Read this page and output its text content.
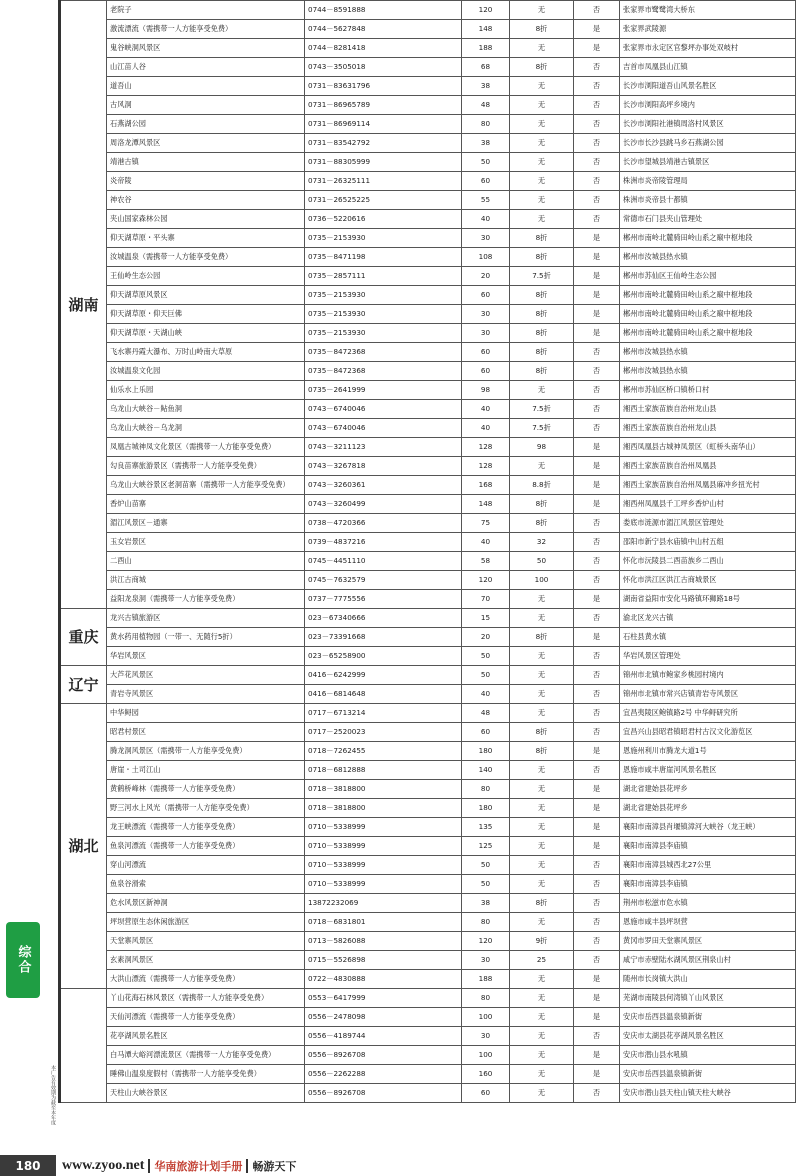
综合
本广告有效期为截至本年度
湖南	老院子	0744－8591888	120	无	否	张家界市鹭鹭湾大桥东
	激流漂流（需携带一人方能享受免费）	0744－5627848	148	8折	是	张家界武陵源
	鬼谷峡洞风景区	0744－8281418	188	无	是	张家界市永定区官黎坪办事处双岐村
	山江苗人谷	0743－3505018	68	8折	否	吉首市凤凰县山江镇
	道吾山	0731－83631796	38	无	否	长沙市浏阳道吾山风景名胜区
	古风洞	0731－86965789	48	无	否	长沙市浏阳高坪乡境内
	石燕湖公园	0731－86969114	80	无	否	长沙市浏阳社港镇周洛村风景区
	周洛龙潭风景区	0731－83542792	38	无	否	长沙市长沙县跳马乡石燕湖公园
	靖港古镇	0731－88305999	50	无	否	长沙市望城县靖港古镇景区
	炎帝陵	0731－26325111	60	无	否	株洲市炎帝陵管理局
	神农谷	0731－26525225	55	无	否	株洲市炎帝县十都镇
	夹山国家森林公园	0736－5220616	40	无	否	常德市石门县夹山管理处
	仰天湖草原・平头寨	0735－2153930	30	8折	是	郴州市南岭北麓骑田岭山系之巅中枢地段
	汝城温泉（需携带一人方能享受免费）	0735－8471198	108	8折	是	郴州市汝城县热水镇
	王仙岭生态公园	0735－2857111	20	7.5折	是	郴州市苏仙区王仙岭生态公园
	仰天湖草原风景区	0735－2153930	60	8折	是	郴州市南岭北麓骑田岭山系之巅中枢地段
	仰天湖草原・仰天巨佛	0735－2153930	30	8折	是	郴州市南岭北麓骑田岭山系之巅中枢地段
	仰天湖草原・天湖山峡	0735－2153930	30	8折	是	郴州市南岭北麓骑田岭山系之巅中枢地段
	飞水寨丹霞大瀑布、万时山岭南大草原	0735－8472368	60	8折	否	郴州市汝城县热水镇
	汝城温泉文化园	0735－8472368	60	8折	否	郴州市汝城县热水镇
	仙乐水上乐园	0735－2641999	98	无	否	郴州市苏仙区桥口镇桥口村
	乌龙山大峡谷－鲇鱼洞	0743－6740046	40	7.5折	否	湘西土家族苗族自治州龙山县
	乌龙山大峡谷－乌龙洞	0743－6740046	40	7.5折	否	湘西土家族苗族自治州龙山县
	凤凰古城神凤文化景区（需携带一人方能享受免费）	0743－3211123	128	98	是	湘西凤凰县古城神凤景区（虹桥头南华山）
	勾良苗寨旅游景区（需携带一人方能享受免费）	0743－3267818	128	无	是	湘西土家族苗族自治州凤凰县
	乌龙山大峡谷景区老洞苗寨（需携带一人方能享受免费）	0743－3260361	168	8.8折	是	湘西土家族苗族自治州凤凰县麻冲乡扭光村
	香炉山苗寨	0743－3260499	148	8折	是	湘西州凤凰县千工坪乡香炉山村
	湄江风景区－通寨	0738－4720366	75	8折	否	娄底市涟源市湄江风景区管理处
	玉女岩景区	0739－4837216	40	32	否	邵阳市新宁县水庙镇中山村五组
	二酉山	0745－4451110	58	50	否	怀化市沅陵县二酉苗族乡二酉山
	洪江古商城	0745－7632579	120	100	否	怀化市洪江区洪江古商城景区
	益阳龙泉洞（需携带一人方能享受免费）	0737－7775556	70	无	是	湖南省益阳市安化马路镇环狮路18号
重庆	龙兴古镇旅游区	023－67340666	15	无	否	渝北区龙兴古镇
	黄水药用植物园（一带一、无随行5折）	023－73391668	20	8折	是	石柱县黄水镇
	华岩风景区	023－65258900	50	无	否	华岩风景区管理处
辽宁	大芦花风景区	0416－6242999	50	无	否	锦州市北镇市鲍家乡桃园村境内
	青岩寺风景区	0416－6814648	40	无	否	锦州市北镇市常兴店镇青岩寺风景区
湖北	中华鲟园	0717－6713214	48	无	否	宜昌夷陵区鲍镇路2号 中华鲟研究所
	昭君村景区	0717－2520023	60	8折	否	宜昌兴山县昭君镇昭君村古汉文化游览区
	腾龙洞风景区（需携带一人方能享受免费）	0718－7262455	180	8折	是	恩施州利川市腾龙大道1号
	唐崖・土司江山	0718－6812888	140	无	否	恩施市咸丰唐崖河风景名胜区
	黄鹤桥峰林（需携带一人方能享受免费）	0718－3818800	80	无	是	湖北省建始县花坪乡
	野三河水上风光（需携带一人方能享受免费）	0718－3818800	180	无	是	湖北省建始县花坪乡
	龙王峡漂流（需携带一人方能享受免费）	0710－5338999	135	无	是	襄阳市南漳县肖堰镇漳河大峡谷（龙王峡）
	鱼泉河漂流（需携带一人方能享受免费）	0710－5338999	125	无	是	襄阳市南漳县李庙镇
	穿山河漂流	0710－5338999	50	无	否	襄阳市南漳县城西北27公里
	鱼泉谷滑索	0710－5338999	50	无	否	襄阳市南漳县李庙镇
	危水风景区新神洞	13872232069	38	8折	否	荆州市松滋市危水镇
	坪坝营原生态休闲旅游区	0718－6831801	80	无	否	恩施市咸丰县坪坝营
	天堂寨风景区	0713－5826088	120	9折	否	黄冈市罗田天堂寨风景区
	玄素洞风景区	0715－5526898	30	25	否	咸宁市赤壁陆水湖风景区荆泉山村
	大洪山漂流（需携带一人方能享受免费）	0722－4830888	188	无	是	随州市长岗镇大洪山
	丫山花海石林风景区（需携带一人方能享受免费）	0553－6417999	80	无	是	芜湖市南陵县何湾镇丫山风景区
	天仙河漂流（需携带一人方能享受免费）	0556－2478098	100	无	是	安庆市岳西县温泉镇新街
	花亭湖风景名胜区	0556－4189744	30	无	否	安庆市太湖县花亭湖风景名胜区
	白马潭大峪河漂流景区（需携带一人方能享受免费）	0556－8926708	100	无	是	安庆市潜山县水吼镇
	睡佛山温泉度假村（需携带一人方能享受免费）	0556－2262288	160	无	是	安庆市岳西县温泉镇新街
	天柱山大峡谷景区	0556－8926708	60	无	否	安庆市潜山县天柱山镇天柱大峡谷
180	www.zyoo.net 华南旅游计划手册 畅游天下
